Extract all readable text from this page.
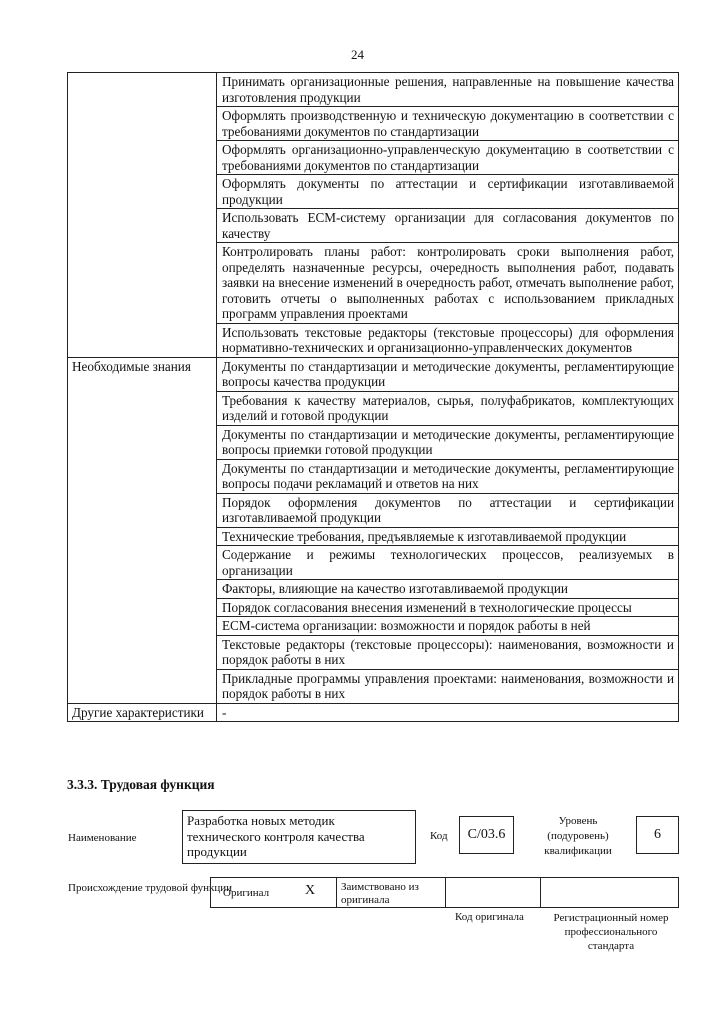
24
	Принимать организационные решения, направленные на повышение качества изготовления продукции
	Оформлять производственную и техническую документацию в соответствии с требованиями документов по стандартизации
	Оформлять организационно-управленческую документацию в соответствии с требованиями документов по стандартизации
	Оформлять документы по аттестации и сертификации изготавливаемой продукции
	Использовать ECM-систему организации для согласования документов по качеству
	Контролировать планы работ: контролировать сроки выполнения работ, определять назначенные ресурсы, очередность выполнения работ, подавать заявки на внесение изменений в очередность работ, отмечать выполнение работ, готовить отчеты о выполненных работах с использованием прикладных программ управления проектами
	Использовать текстовые редакторы (текстовые процессоры) для оформления нормативно-технических и организационно-управленческих документов
Необходимые знания	Документы по стандартизации и методические документы, регламентирующие вопросы качества продукции
	Требования к качеству материалов, сырья, полуфабрикатов, комплектующих изделий и готовой продукции
	Документы по стандартизации и методические документы, регламентирующие вопросы приемки готовой продукции
	Документы по стандартизации и методические документы, регламентирующие вопросы подачи рекламаций и ответов на них
	Порядок оформления документов по аттестации и сертификации изготавливаемой продукции
	Технические требования, предъявляемые к изготавливаемой продукции
	Содержание и режимы технологических процессов, реализуемых в организации
	Факторы, влияющие на качество изготавливаемой продукции
	Порядок согласования внесения изменений в технологические процессы
	ECM-система организации: возможности и порядок работы в ней
	Текстовые редакторы (текстовые процессоры): наименования, возможности и порядок работы в них
	Прикладные программы управления проектами: наименования, возможности и порядок работы в них
Другие характеристики	-
3.3.3. Трудовая функция
Наименование
Разработка новых методик технического контроля качества продукции
Код	C/03.6
Уровень (подуровень) квалификации
6
Происхождение трудовой функции
Оригинал	X	Заимствовано из оригинала
Код оригинала	Регистрационный номер профессионального стандарта
